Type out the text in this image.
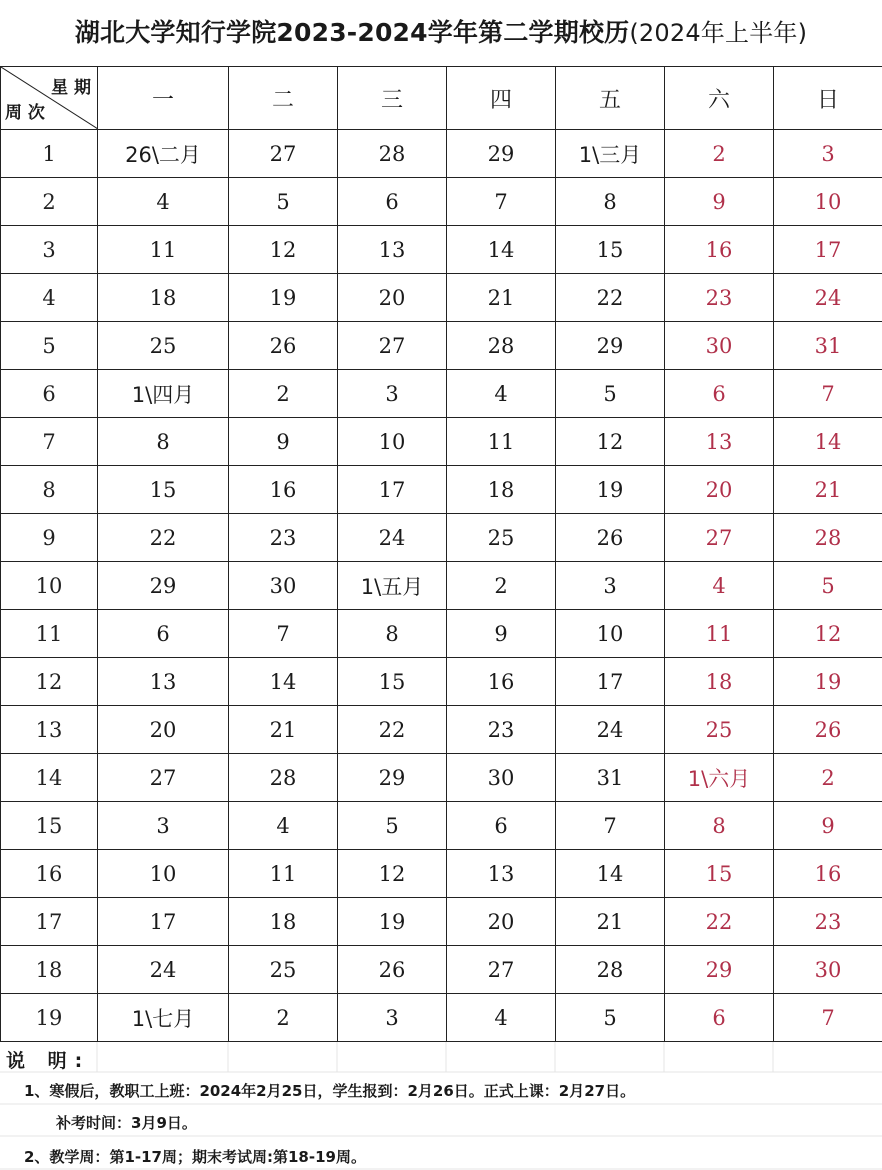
湖北大学知行学院2023-2024学年第二学期校历(2024年上半年)
星 期
周 次	一	二	三	四	五	六	日
1	26\二月	27	28	29	1\三月	2	3
2	4	5	6	7	8	9	10
3	11	12	13	14	15	16	17
4	18	19	20	21	22	23	24
5	25	26	27	28	29	30	31
6	1\四月	2	3	4	5	6	7
7	8	9	10	11	12	13	14
8	15	16	17	18	19	20	21
9	22	23	24	25	26	27	28
10	29	30	1\五月	2	3	4	5
11	6	7	8	9	10	11	12
12	13	14	15	16	17	18	19
13	20	21	22	23	24	25	26
14	27	28	29	30	31	1\六月	2
15	3	4	5	6	7	8	9
16	10	11	12	13	14	15	16
17	17	18	19	20	21	22	23
18	24	25	26	27	28	29	30
19	1\七月	2	3	4	5	6	7
说 明:
1、寒假后，教职工上班：2024年2月25日，学生报到：2月26日。正式上课：2月27日。
补考时间：3月9日。
2、教学周：第1-17周；期末考试周:第18-19周。
